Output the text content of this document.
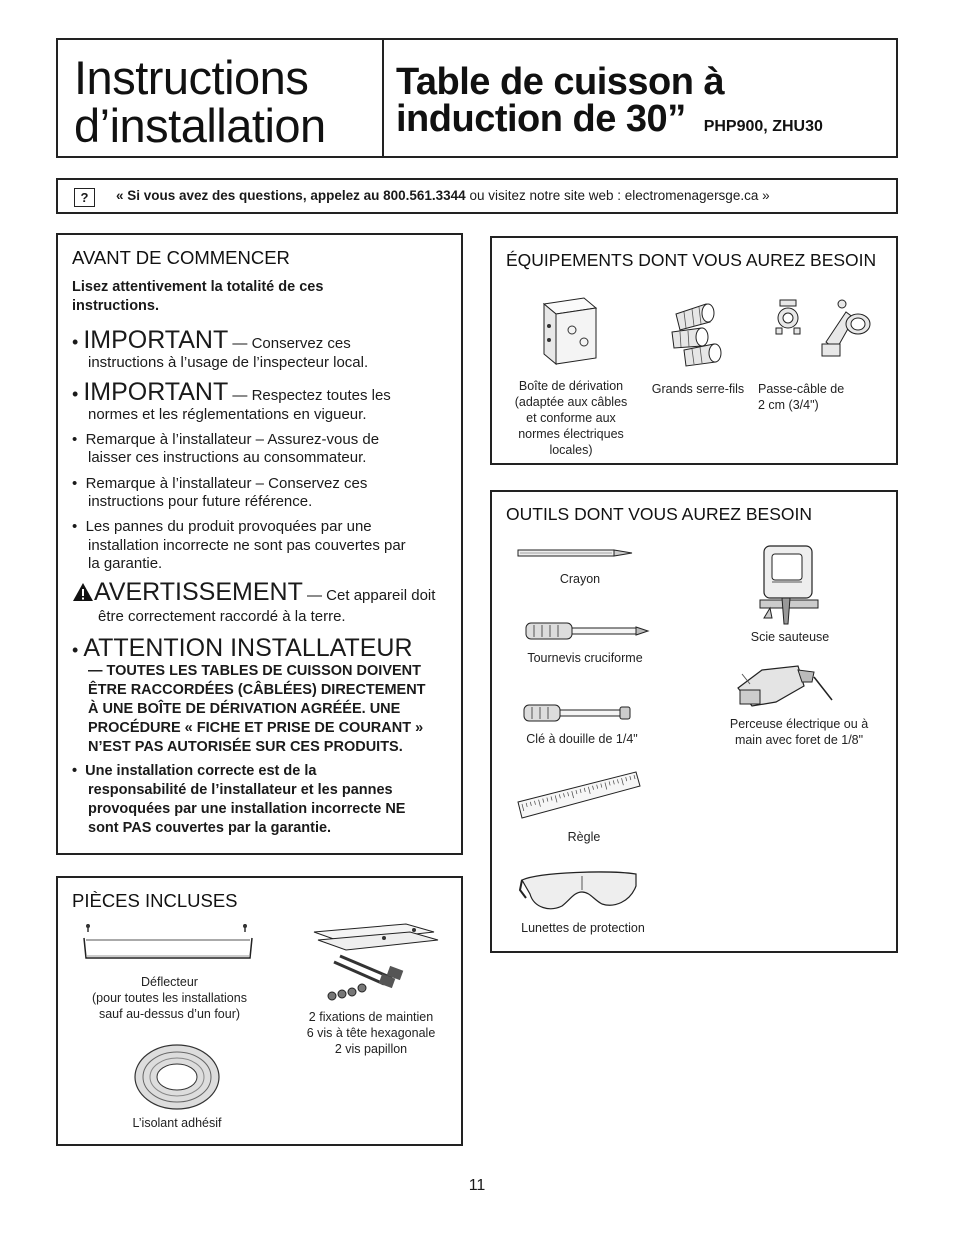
Instructions
d’installation
Table de cuisson à
induction de 30” PHP900, ZHU30
?	« Si vous avez des questions, appelez au 800.561.3344 ou visitez notre site web : electromenagersge.ca »
AVANT DE COMMENCER
Lisez attentivement la totalité de ces
instructions.
• IMPORTANT — Conservez ces
instructions à l’usage de l’inspecteur local.
• IMPORTANT — Respectez toutes les
normes et les réglementations en vigueur.
•  Remarque à l’installateur – Assurez-vous de
laisser ces instructions au consommateur.
•  Remarque à l’installateur – Conservez ces
instructions pour future référence.
•  Les pannes du produit provoquées par une
installation incorrecte ne sont pas couvertes par
la garantie.
AVERTISSEMENT — Cet appareil doit
être correctement raccordé à la terre.
• ATTENTION INSTALLATEUR
— TOUTES LES TABLES DE CUISSON DOIVENT
ÊTRE RACCORDÉES (CÂBLÉES) DIRECTEMENT
À UNE BOÎTE DE DÉRIVATION AGRÉÉE. UNE
PROCÉDURE « FICHE ET PRISE DE COURANT »
N’EST PAS AUTORISÉE SUR CES PRODUITS.
•  Une installation correcte est de la
responsabilité de l’installateur et les pannes
provoquées par une installation incorrecte NE
sont PAS couvertes par la garantie.
PIÈCES INCLUSES
Déflecteur
(pour toutes les installations
sauf au-dessus d’un four)	2 fixations de maintien
6 vis à tête hexagonale
2 vis papillon
L’isolant adhésif
ÉQUIPEMENTS DONT VOUS AUREZ BESOIN
Boîte de dérivation
(adaptée aux câbles
et conforme aux
normes électriques
locales)
Grands serre-fils	Passe-câble de
2 cm (3/4")
OUTILS DONT VOUS AUREZ BESOIN
Crayon
Tournevis cruciforme
Clé à douille de 1/4"
Règle
Lunettes de protection
Scie sauteuse
Perceuse électrique ou à
main avec foret de 1/8"
11
